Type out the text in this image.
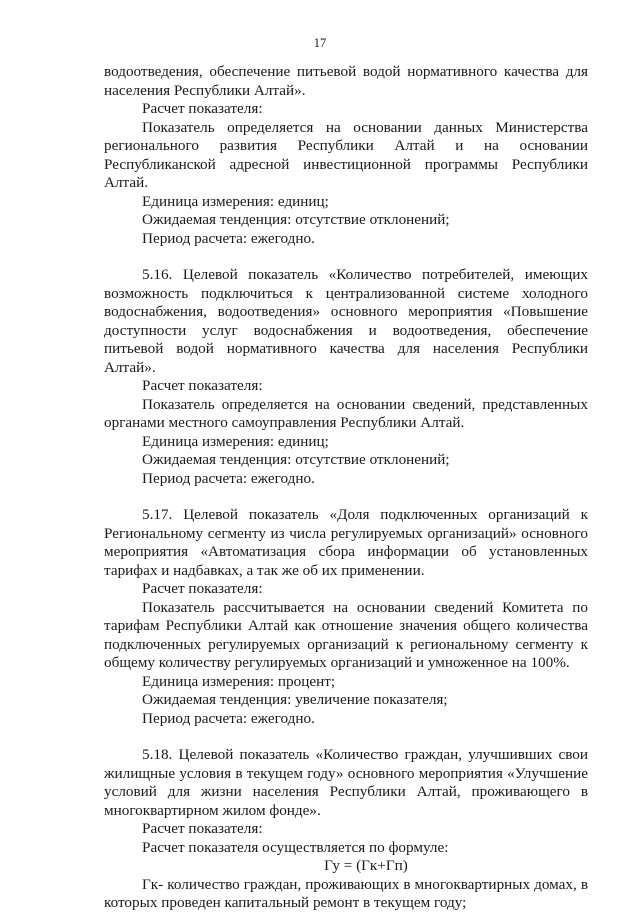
17

водоотведения, обеспечение питьевой водой нормативного качества для населения Республики Алтай».

Расчет показателя:

Показатель определяется на основании данных Министерства регионального развития Республики Алтай и на основании Республиканской адресной инвестиционной программы Республики Алтай.

Единица измерения: единиц;

Ожидаемая тенденция: отсутствие отклонений;

Период расчета: ежегодно.

5.16. Целевой показатель «Количество потребителей, имеющих возможность подключиться к централизованной системе холодного водоснабжения, водоотведения» основного мероприятия «Повышение доступности услуг водоснабжения и водоотведения, обеспечение питьевой водой нормативного качества для населения Республики Алтай».

Расчет показателя:

Показатель определяется на основании сведений, представленных органами местного самоуправления Республики Алтай.

Единица измерения: единиц;

Ожидаемая тенденция: отсутствие отклонений;

Период расчета: ежегодно.

5.17. Целевой показатель «Доля подключенных организаций к Региональному сегменту из числа регулируемых организаций» основного мероприятия «Автоматизация сбора информации об установленных тарифах и надбавках, а так же об их применении.

Расчет показателя:

Показатель рассчитывается на основании сведений Комитета по тарифам Республики Алтай как отношение значения общего количества подключенных регулируемых организаций к региональному сегменту к общему количеству регулируемых организаций и умноженное на 100%.

Единица измерения: процент;

Ожидаемая тенденция: увеличение показателя;

Период расчета: ежегодно.

5.18. Целевой показатель «Количество граждан, улучшивших свои жилищные условия в текущем году» основного мероприятия «Улучшение условий для жизни населения Республики Алтай, проживающего в многоквартирном жилом фонде».

Расчет показателя:

Расчет показателя осуществляется по формуле:

Гу = (Гк+Гп)

Гк- количество граждан, проживающих в многоквартирных домах, в которых проведен капитальный ремонт в текущем году;
